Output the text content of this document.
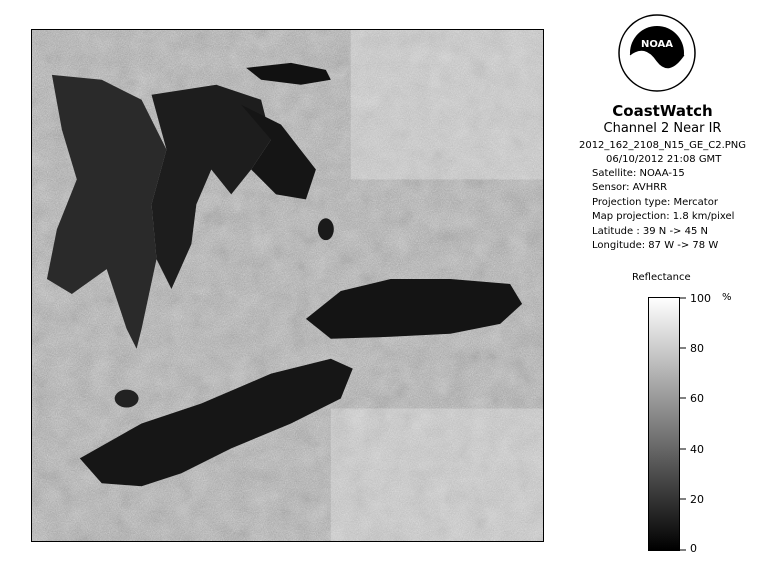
NOAA
CoastWatch
Channel 2 Near IR
2012_162_2108_N15_GE_C2.PNG
06/10/2012 21:08 GMT
Satellite: NOAA-15
Sensor: AVHRR
Projection type: Mercator
Map projection: 1.8 km/pixel
Latitude : 39 N -> 45 N
Longitude: 87 W -> 78 W
Reflectance
100
80
60
40
20
0
%
